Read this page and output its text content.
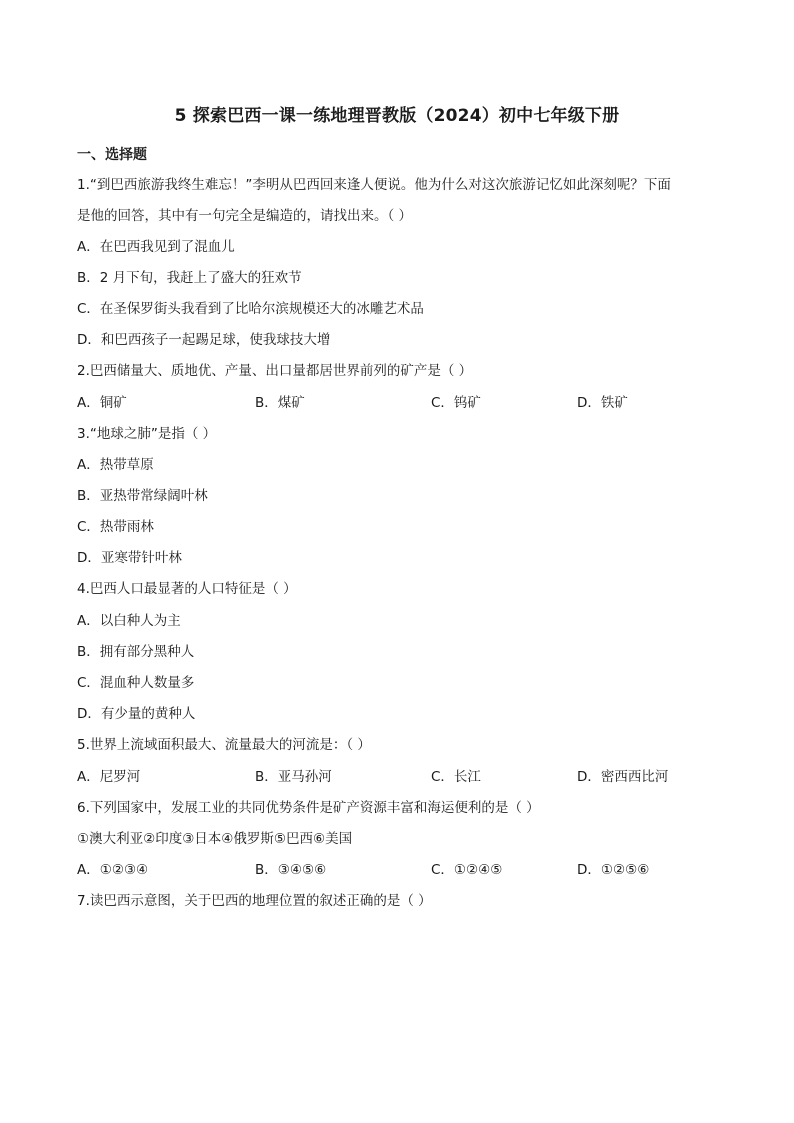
5 探索巴西一课一练地理晋教版（2024）初中七年级下册
一、选择题
1.“到巴西旅游我终生难忘！”李明从巴西回来逢人便说。他为什么对这次旅游记忆如此深刻呢？下面
是他的回答，其中有一句完全是编造的，请找出来。（ ）
A．在巴西我见到了混血儿
B．2 月下旬，我赶上了盛大的狂欢节
C．在圣保罗街头我看到了比哈尔滨规模还大的冰雕艺术品
D．和巴西孩子一起踢足球，使我球技大增
2.巴西储量大、质地优、产量、出口量都居世界前列的矿产是（ ）
A．铜矿	B．煤矿	C．钨矿	D．铁矿
3.“地球之肺”是指（ ）
A．热带草原
B．亚热带常绿阔叶林
C．热带雨林
D．亚寒带针叶林
4.巴西人口最显著的人口特征是（ ）
A．以白种人为主
B．拥有部分黑种人
C．混血种人数量多
D．有少量的黄种人
5.世界上流域面积最大、流量最大的河流是：（ ）
A．尼罗河	B．亚马孙河	C．长江	D．密西西比河
6.下列国家中，发展工业的共同优势条件是矿产资源丰富和海运便利的是（ ）
①澳大利亚②印度③日本④俄罗斯⑤巴西⑥美国
A．①②③④	B．③④⑤⑥	C．①②④⑤	D．①②⑤⑥
7.读巴西示意图，关于巴西的地理位置的叙述正确的是（ ）
